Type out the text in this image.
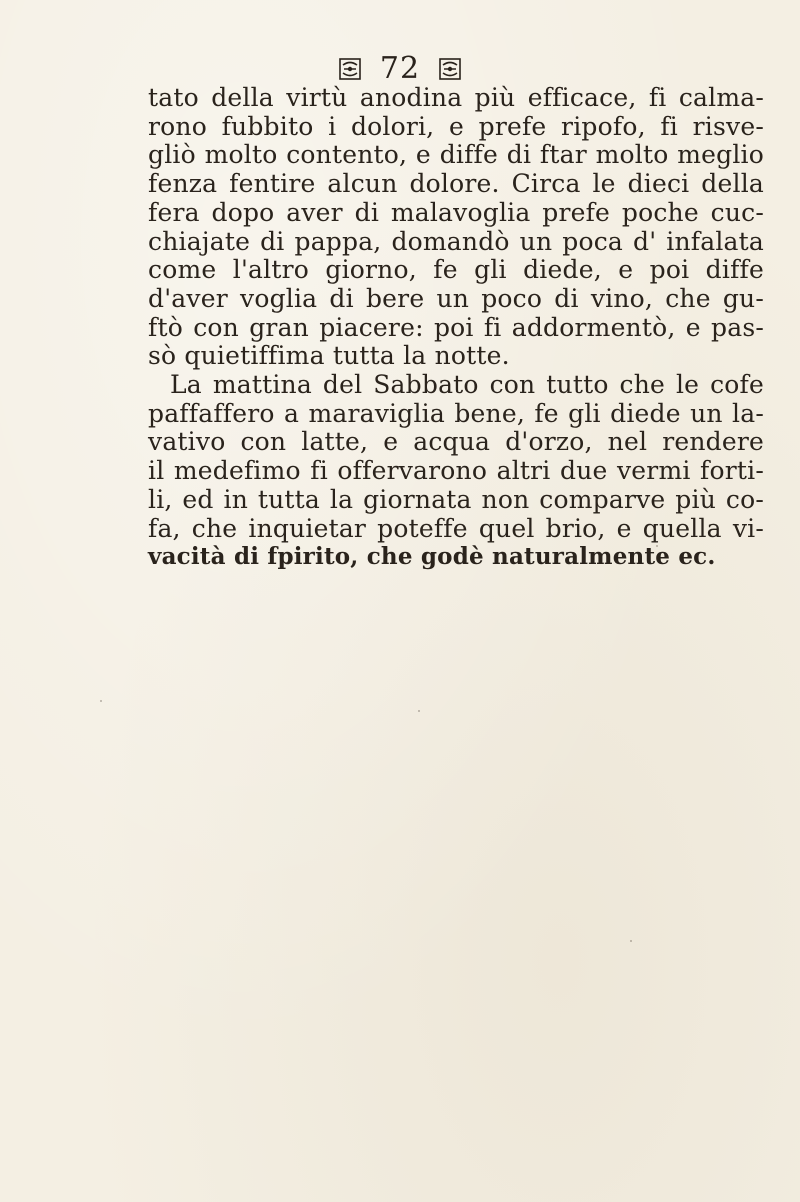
72
tato della virtù anodina più efficace, fi calma-
rono fubbito i dolori, e prefe ripofo, fi risve-
gliò molto contento, e diffe di ftar molto meglio
fenza fentire alcun dolore. Circa le dieci della
fera dopo aver di malavoglia prefe poche cuc-
chiajate di pappa, domandò un poca d' infalata
come l'altro giorno, fe gli diede, e poi diffe
d'aver voglia di bere un poco di vino, che gu-
ftò con gran piacere: poi fi addormentò, e pas-
sò quietiffima tutta la notte.
La mattina del Sabbato con tutto che le cofe
paffaffero a maraviglia bene, fe gli diede un la-
vativo con latte, e acqua d'orzo, nel rendere
il medefimo fi offervarono altri due vermi forti-
li, ed in tutta la giornata non comparve più co-
fa, che inquietar poteffe quel brio, e quella vi-
vacità di fpirito, che godè naturalmente ec.
